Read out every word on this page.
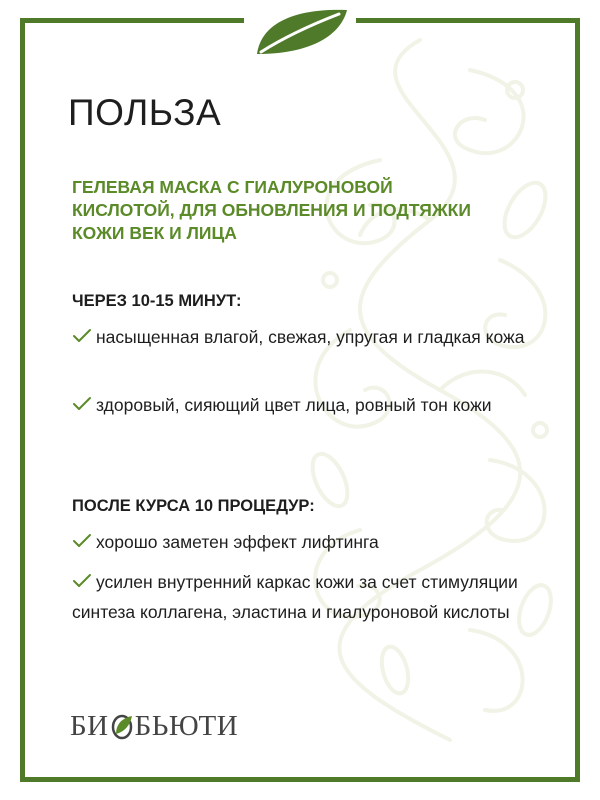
ПОЛЬЗА

ГЕЛЕВАЯ МАСКА С ГИАЛУРОНОВОЙ КИСЛОТОЙ, ДЛЯ ОБНОВЛЕНИЯ И ПОДТЯЖКИ КОЖИ ВЕК И ЛИЦА

ЧЕРЕЗ 10-15 МИНУТ:

насыщенная влагой, свежая, упругая и гладкая кожа

здоровый, сияющий цвет лица, ровный тон кожи

ПОСЛЕ КУРСА 10 ПРОЦЕДУР:

хорошо заметен эффект лифтинга

усилен внутренний каркас кожи за счет стимуляции синтеза коллагена, эластина и гиалуроновой кислоты

БИ БЬЮТИ
